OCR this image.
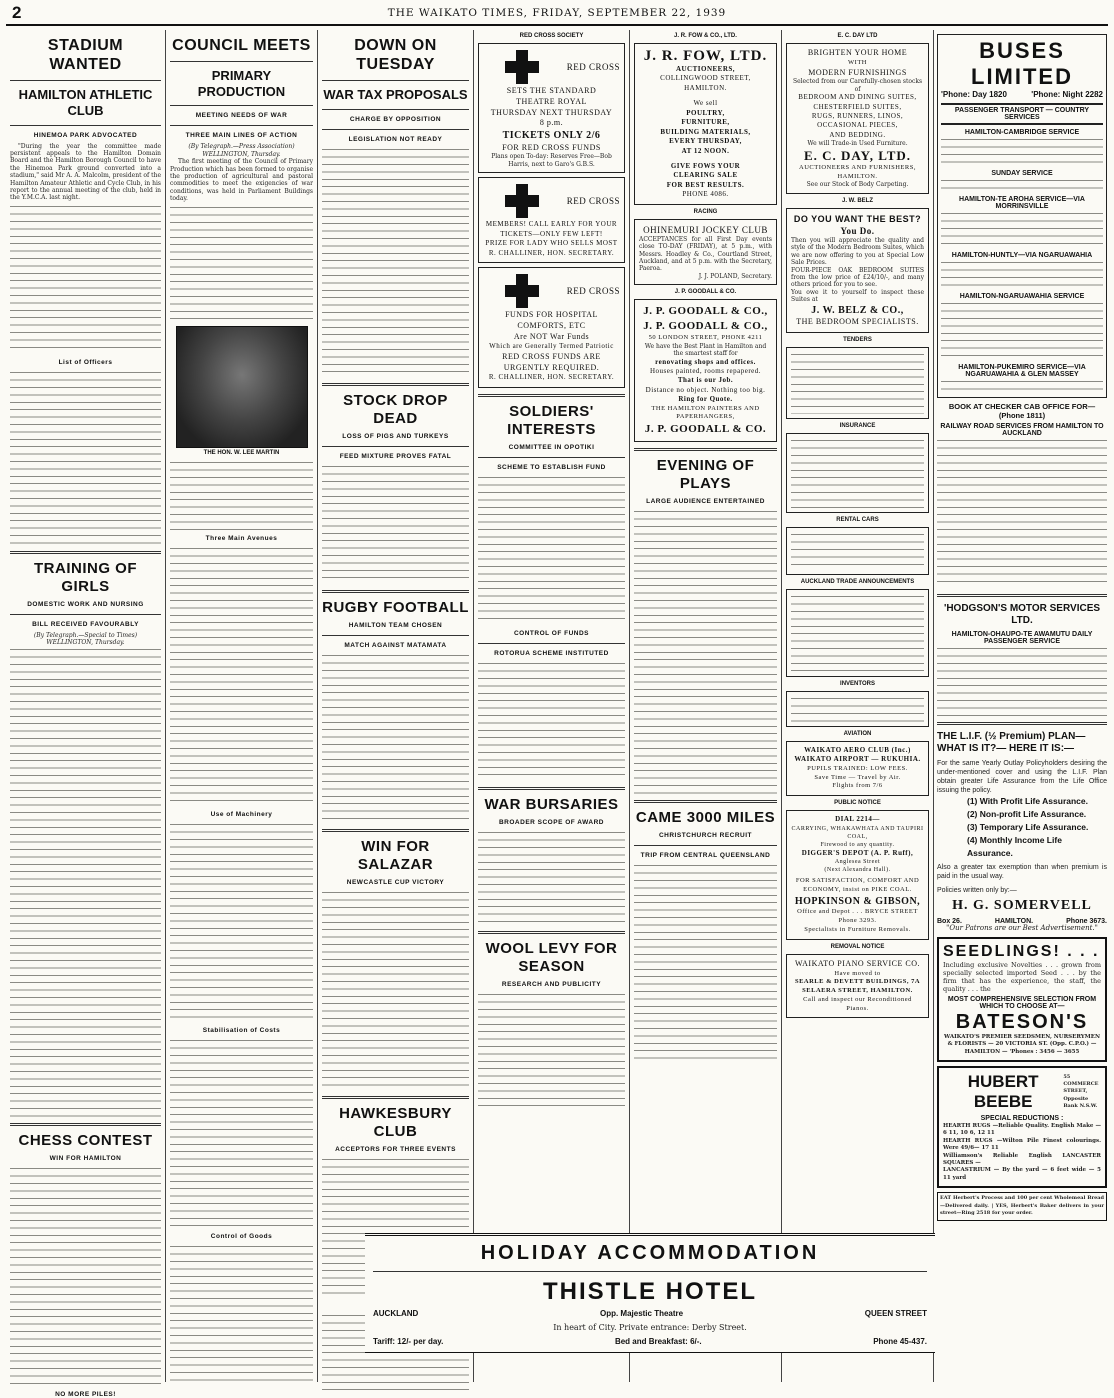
2	THE WAIKATO TIMES, FRIDAY, SEPTEMBER 22, 1939
STADIUM WANTED
HAMILTON ATHLETIC CLUB
HINEMOA PARK ADVOCATED

"During the year the committee made persistent appeals to the Hamilton Domain Board and the Hamilton Borough Council to have the Hinemoa Park ground converted into a stadium," said Mr A. A. Malcolm, president of the Hamilton Amateur Athletic and Cycle Club, in his report to the annual meeting of the club, held in the Y.M.C.A. last night.

List of Officers
TRAINING OF GIRLS
DOMESTIC WORK AND NURSING
BILL RECEIVED FAVOURABLY
(By Telegraph.—Special to Times) WELLINGTON, Thursday.
CHESS CONTEST
WIN FOR HAMILTON
NO MORE PILES!
COUNCIL MEETS
PRIMARY PRODUCTION
MEETING NEEDS OF WAR
THREE MAIN LINES OF ACTION
(By Telegraph.—Press Association) WELLINGTON, Thursday.

The first meeting of the Council of Primary Production which has been formed to organise the production of agricultural and pastoral commodities to meet the exigencies of war conditions, was held in Parliament Buildings today.

THE HON. W. LEE MARTIN
Three Main Avenues
Use of Machinery
Stabilisation of Costs
Control of Goods
DOWN ON TUESDAY
WAR TAX PROPOSALS
CHARGE BY OPPOSITION
LEGISLATION NOT READY
STOCK DROP DEAD
LOSS OF PIGS AND TURKEYS
FEED MIXTURE PROVES FATAL
RUGBY FOOTBALL
HAMILTON TEAM CHOSEN
MATCH AGAINST MATAMATA
WIN FOR SALAZAR
NEWCASTLE CUP VICTORY
HAWKESBURY CLUB
ACCEPTORS FOR THREE EVENTS
RED CROSS SOCIETY
RED CROSS
SETS THE STANDARD
THEATRE ROYAL
THURSDAY NEXT THURSDAY
8 p.m.
TICKETS ONLY 2/6
FOR RED CROSS FUNDS
Plans open To-day: Reserves Free—Bob Harris, next to Garo's G.B.S.
RED CROSS
MEMBERS! CALL EARLY FOR YOUR TICKETS—ONLY FEW LEFT!
PRIZE FOR LADY WHO SELLS MOST
R. CHALLINER, HON. SECRETARY.
RED CROSS
FUNDS FOR HOSPITAL COMFORTS, ETC
Are NOT War Funds
Which are Generally Termed Patriotic
RED CROSS FUNDS ARE URGENTLY REQUIRED.
R. CHALLINER, HON. SECRETARY.
SOLDIERS' INTERESTS
COMMITTEE IN OPOTIKI
SCHEME TO ESTABLISH FUND
CONTROL OF FUNDS
ROTORUA SCHEME INSTITUTED
WAR BURSARIES
BROADER SCOPE OF AWARD
WOOL LEVY FOR SEASON
RESEARCH AND PUBLICITY
J. R. FOW & CO., LTD.
J. R. FOW, LTD.
AUCTIONEERS,
COLLINGWOOD STREET, HAMILTON.
We sell
POULTRY,
FURNITURE,
BUILDING MATERIALS,
EVERY THURSDAY,
AT 12 NOON.
GIVE FOWS YOUR
CLEARING SALE
FOR BEST RESULTS.
PHONE 4086.
RACING
OHINEMURI JOCKEY CLUB
ACCEPTANCES for all First Day events close TO-DAY (FRIDAY), at 5 p.m., with Messrs. Hoadley & Co., Courtland Street, Auckland, and at 5 p.m. with the Secretary, Paeroa.
J. J. POLAND, Secretary.
J. P. GOODALL & CO.
J. P. GOODALL & CO.,
J. P. GOODALL & CO.,
50 LONDON STREET, PHONE 4211
We have the Best Plant in Hamilton and the smartest staff for
renovating shops and offices.
Houses painted, rooms repapered.
That is our Job.
Distance no object. Nothing too big.
Ring for Quote.
THE HAMILTON PAINTERS AND PAPERHANGERS,
J. P. GOODALL & CO.
EVENING OF PLAYS
LARGE AUDIENCE ENTERTAINED
CAME 3000 MILES
CHRISTCHURCH RECRUIT
TRIP FROM CENTRAL QUEENSLAND
E. C. DAY LTD
BRIGHTEN YOUR HOME
WITH
MODERN FURNISHINGS
Selected from our Carefully-chosen stocks of
BEDROOM AND DINING SUITES,
CHESTERFIELD SUITES,
RUGS, RUNNERS, LINOS,
OCCASIONAL PIECES,
AND BEDDING.
We will Trade-in Used Furniture.
E. C. DAY, LTD.
AUCTIONEERS AND FURNISHERS, HAMILTON.
See our Stock of Body Carpeting.
J. W. BELZ
DO YOU WANT THE BEST?
You Do.
Then you will appreciate the quality and style of the Modern Bedroom Suites, which we are now offering to you at Special Low Sale Prices.
FOUR-PIECE OAK BEDROOM SUITES from the low price of £24/10/-, and many others priced for you to see.
You owe it to yourself to inspect these Suites at
J. W. BELZ & CO.,
THE BEDROOM SPECIALISTS.
TENDERS
INSURANCE
RENTAL CARS
AUCKLAND TRADE ANNOUNCEMENTS
INVENTORS
AVIATION
WAIKATO AERO CLUB (Inc.)
WAIKATO AIRPORT — RUKUHIA.
PUPILS TRAINED: LOW FEES.
Save Time — Travel by Air.
Flights from 7/6
PUBLIC NOTICE
DIAL 2214—
CARRYING, WHAKAWHATA AND TAUPIRI COAL,
Firewood to any quantity.
DIGGER'S DEPOT (A. P. Ruff),
Anglesea Street
(Next Alexandra Hall).
FOR SATISFACTION, COMFORT AND ECONOMY, insist on PIKE COAL.
HOPKINSON & GIBSON,
Office and Depot . . . BRYCE STREET
Phone 3293.
Specialists in Furniture Removals.
REMOVAL NOTICE
WAIKATO PIANO SERVICE CO.
Have moved to
SEARLE & DEVETT BUILDINGS, 7A SELAERA STREET, HAMILTON.
Call and inspect our Reconditioned Pianos.
BUSES LIMITED
'Phone: Day 1820	'Phone: Night 2282
PASSENGER TRANSPORT — COUNTRY SERVICES
HAMILTON-CAMBRIDGE SERVICE
SUNDAY SERVICE
HAMILTON-TE AROHA SERVICE—VIA MORRINSVILLE
HAMILTON-HUNTLY—VIA NGARUAWAHIA
HAMILTON-NGARUAWAHIA SERVICE
HAMILTON-PUKEMIRO SERVICE—VIA NGARUAWAHIA & GLEN MASSEY
BOOK AT CHECKER CAB OFFICE FOR— (Phone 1811)
RAILWAY ROAD SERVICES FROM HAMILTON TO AUCKLAND
'HODGSON'S MOTOR SERVICES LTD.
HAMILTON-OHAUPO-TE AWAMUTU DAILY PASSENGER SERVICE
THE L.I.F. (½ Premium) PLAN—WHAT IS IT?— HERE IT IS:—
For the same Yearly Outlay Policyholders desiring the under-mentioned cover and using the L.I.F. Plan obtain greater Life Assurance from the Life Office issuing the policy.
(1) With Profit Life Assurance.
(2) Non-profit Life Assurance.
(3) Temporary Life Assurance.
(4) Monthly Income Life Assurance.
Also a greater tax exemption than when premium is paid in the usual way.
Policies written only by:—
H. G. SOMERVELL
Box 26.	HAMILTON.	Phone 3673.
"Our Patrons are our Best Advertisement."
SEEDLINGS! . . .
Including exclusive Novelties . . . grown from specially selected imported Seed . . . by the firm that has the experience, the staff, the quality . . . the
MOST COMPREHENSIVE SELECTION FROM WHICH TO CHOOSE AT—
BATESON'S
WAIKATO'S PREMIER SEEDSMEN, NURSERYMEN & FLORISTS — 20 VICTORIA ST. (Opp. C.P.O.) — HAMILTON — 'Phones : 3456 — 3655
HUBERT BEEBE
55 COMMERCE STREET, Opposite Bank N.S.W.
SPECIAL REDUCTIONS :
HEARTH RUGS —Reliable Quality. English Make — 6 11, 10 6, 12 11
HEARTH RUGS —Wilton Pile Finest colourings. Were 49/6— 17 11
Williamson's Reliable English LANCASTER SQUARES —
LANCASTRIUM — By the yard — 6 feet wide — 5 11 yard
EAT Herbert's Process and 100 per cent Wholemeal Bread—Delivered daily. | YES, Herbert's Baker delivers in your street—Ring 2518 for your order.
HOLIDAY ACCOMMODATION
THISTLE HOTEL
AUCKLAND	Opp. Majestic Theatre	QUEEN STREET
In heart of City. Private entrance: Derby Street.
Tariff: 12/- per day.	Bed and Breakfast: 6/-.	Phone 45-437.
